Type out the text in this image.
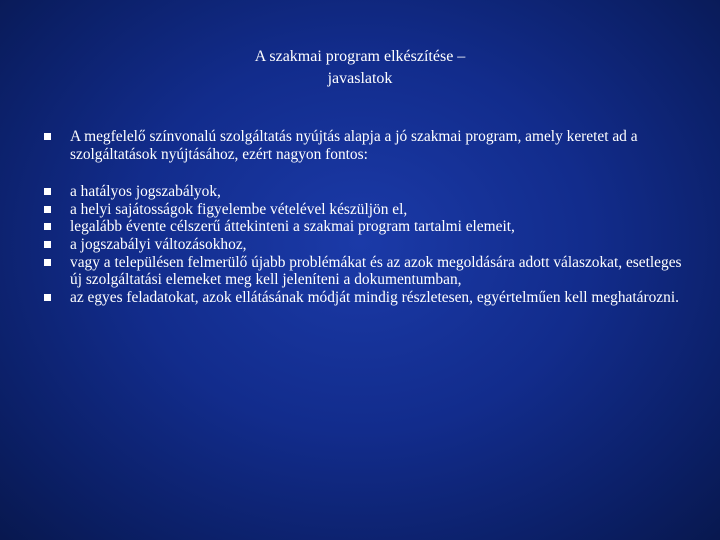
A szakmai program elkészítése –
javaslatok
A megfelelő színvonalú szolgáltatás nyújtás alapja a jó szakmai program, amely keretet ad a szolgáltatások nyújtásához, ezért nagyon fontos:
a hatályos jogszabályok,
a helyi sajátosságok figyelembe vételével készüljön el,
legalább évente célszerű áttekinteni a szakmai program tartalmi elemeit,
a jogszabályi változásokhoz,
vagy a településen felmerülő újabb problémákat és az azok megoldására adott válaszokat, esetleges új szolgáltatási elemeket meg kell jeleníteni a dokumentumban,
az egyes feladatokat, azok ellátásának módját mindig részletesen, egyértelműen kell meghatározni.
